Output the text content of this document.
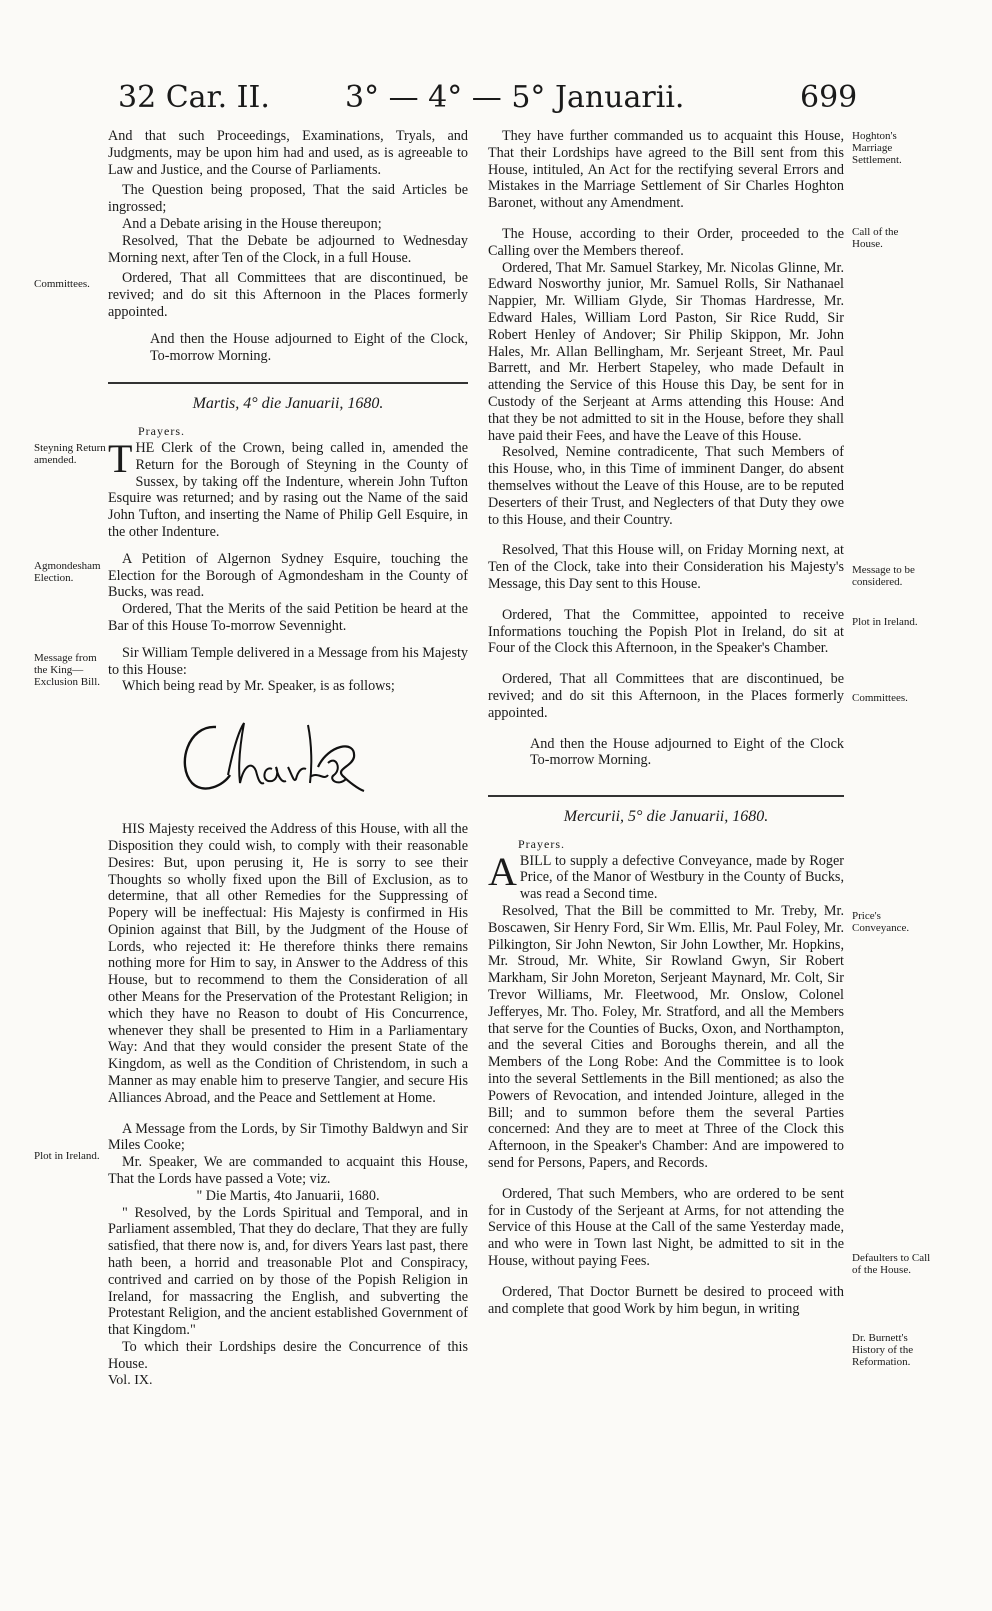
32 Car. II.	3° — 4° — 5° Januarii.	699

And that such Proceedings, Examinations, Tryals, and Judgments, may be upon him had and used, as is agreeable to Law and Justice, and the Course of Parliaments.

The Question being proposed, That the said Articles be ingrossed;

And a Debate arising in the House thereupon;

Resolved, That the Debate be adjourned to Wednesday Morning next, after Ten of the Clock, in a full House.

Ordered, That all Committees that are discontinued, be revived; and do sit this Afternoon in the Places formerly appointed.

And then the House adjourned to Eight of the Clock, To-morrow Morning.

Martis, 4° die Januarii, 1680.

Prayers.

THE Clerk of the Crown, being called in, amended the Return for the Borough of Steyning in the County of Sussex, by taking off the Indenture, wherein John Tufton Esquire was returned; and by rasing out the Name of the said John Tufton, and inserting the Name of Philip Gell Esquire, in the other Indenture.

A Petition of Algernon Sydney Esquire, touching the Election for the Borough of Agmondesham in the County of Bucks, was read.

Ordered, That the Merits of the said Petition be heard at the Bar of this House To-morrow Sevennight.

Sir William Temple delivered in a Message from his Majesty to this House:

Which being read by Mr. Speaker, is as follows;

HIS Majesty received the Address of this House, with all the Disposition they could wish, to comply with their reasonable Desires: But, upon perusing it, He is sorry to see their Thoughts so wholly fixed upon the Bill of Exclusion, as to determine, that all other Remedies for the Suppressing of Popery will be ineffectual: His Majesty is confirmed in His Opinion against that Bill, by the Judgment of the House of Lords, who rejected it: He therefore thinks there remains nothing more for Him to say, in Answer to the Address of this House, but to recommend to them the Consideration of all other Means for the Preservation of the Protestant Religion; in which they have no Reason to doubt of His Concurrence, whenever they shall be presented to Him in a Parliamentary Way: And that they would consider the present State of the Kingdom, as well as the Condition of Christendom, in such a Manner as may enable him to preserve Tangier, and secure His Alliances Abroad, and the Peace and Settlement at Home.

A Message from the Lords, by Sir Timothy Baldwyn and Sir Miles Cooke;

Mr. Speaker, We are commanded to acquaint this House, That the Lords have passed a Vote; viz.

" Die Martis, 4to Januarii, 1680.

" Resolved, by the Lords Spiritual and Temporal, and in Parliament assembled, That they do declare, That they are fully satisfied, that there now is, and, for divers Years last past, there hath been, a horrid and treasonable Plot and Conspiracy, contrived and carried on by those of the Popish Religion in Ireland, for massacring the English, and subverting the Protestant Religion, and the ancient established Government of that Kingdom."

To which their Lordships desire the Concurrence of this House.

Vol. IX.

They have further commanded us to acquaint this House, That their Lordships have agreed to the Bill sent from this House, intituled, An Act for the rectifying several Errors and Mistakes in the Marriage Settlement of Sir Charles Hoghton Baronet, without any Amendment.

The House, according to their Order, proceeded to the Calling over the Members thereof.

Ordered, That Mr. Samuel Starkey, Mr. Nicolas Glinne, Mr. Edward Nosworthy junior, Mr. Samuel Rolls, Sir Nathanael Nappier, Mr. William Glyde, Sir Thomas Hardresse, Mr. Edward Hales, William Lord Paston, Sir Rice Rudd, Sir Robert Henley of Andover; Sir Philip Skippon, Mr. John Hales, Mr. Allan Bellingham, Mr. Serjeant Street, Mr. Paul Barrett, and Mr. Herbert Stapeley, who made Default in attending the Service of this House this Day, be sent for in Custody of the Serjeant at Arms attending this House: And that they be not admitted to sit in the House, before they shall have paid their Fees, and have the Leave of this House.

Resolved, Nemine contradicente, That such Members of this House, who, in this Time of imminent Danger, do absent themselves without the Leave of this House, are to be reputed Deserters of their Trust, and Neglecters of that Duty they owe to this House, and their Country.

Resolved, That this House will, on Friday Morning next, at Ten of the Clock, take into their Consideration his Majesty's Message, this Day sent to this House.

Ordered, That the Committee, appointed to receive Informations touching the Popish Plot in Ireland, do sit at Four of the Clock this Afternoon, in the Speaker's Chamber.

Ordered, That all Committees that are discontinued, be revived; and do sit this Afternoon, in the Places formerly appointed.

And then the House adjourned to Eight of the Clock To-morrow Morning.

Mercurii, 5° die Januarii, 1680.

Prayers.

ABILL to supply a defective Conveyance, made by Roger Price, of the Manor of Westbury in the County of Bucks, was read a Second time.

Resolved, That the Bill be committed to Mr. Treby, Mr. Boscawen, Sir Henry Ford, Sir Wm. Ellis, Mr. Paul Foley, Mr. Pilkington, Sir John Newton, Sir John Lowther, Mr. Hopkins, Mr. Stroud, Mr. White, Sir Rowland Gwyn, Sir Robert Markham, Sir John Moreton, Serjeant Maynard, Mr. Colt, Sir Trevor Williams, Mr. Fleetwood, Mr. Onslow, Colonel Jefferyes, Mr. Tho. Foley, Mr. Stratford, and all the Members that serve for the Counties of Bucks, Oxon, and Northampton, and the several Cities and Boroughs therein, and all the Members of the Long Robe: And the Committee is to look into the several Settlements in the Bill mentioned; as also the Powers of Revocation, and intended Jointure, alleged in the Bill; and to summon before them the several Parties concerned: And they are to meet at Three of the Clock this Afternoon, in the Speaker's Chamber: And are impowered to send for Persons, Papers, and Records.

Ordered, That such Members, who are ordered to be sent for in Custody of the Serjeant at Arms, for not attending the Service of this House at the Call of the same Yesterday made, and who were in Town last Night, be admitted to sit in the House, without paying Fees.

Ordered, That Doctor Burnett be desired to proceed with and complete that good Work by him begun, in writing

Committees.
Steyning Return amended.
Agmondesham Election.
Message from the King—Exclusion Bill.
Plot in Ireland.
Hoghton's Marriage Settlement.
Call of the House.
Message to be considered.
Plot in Ireland.
Committees.
Price's Conveyance.
Defaulters to Call of the House.
Dr. Burnett's History of the Reformation.
